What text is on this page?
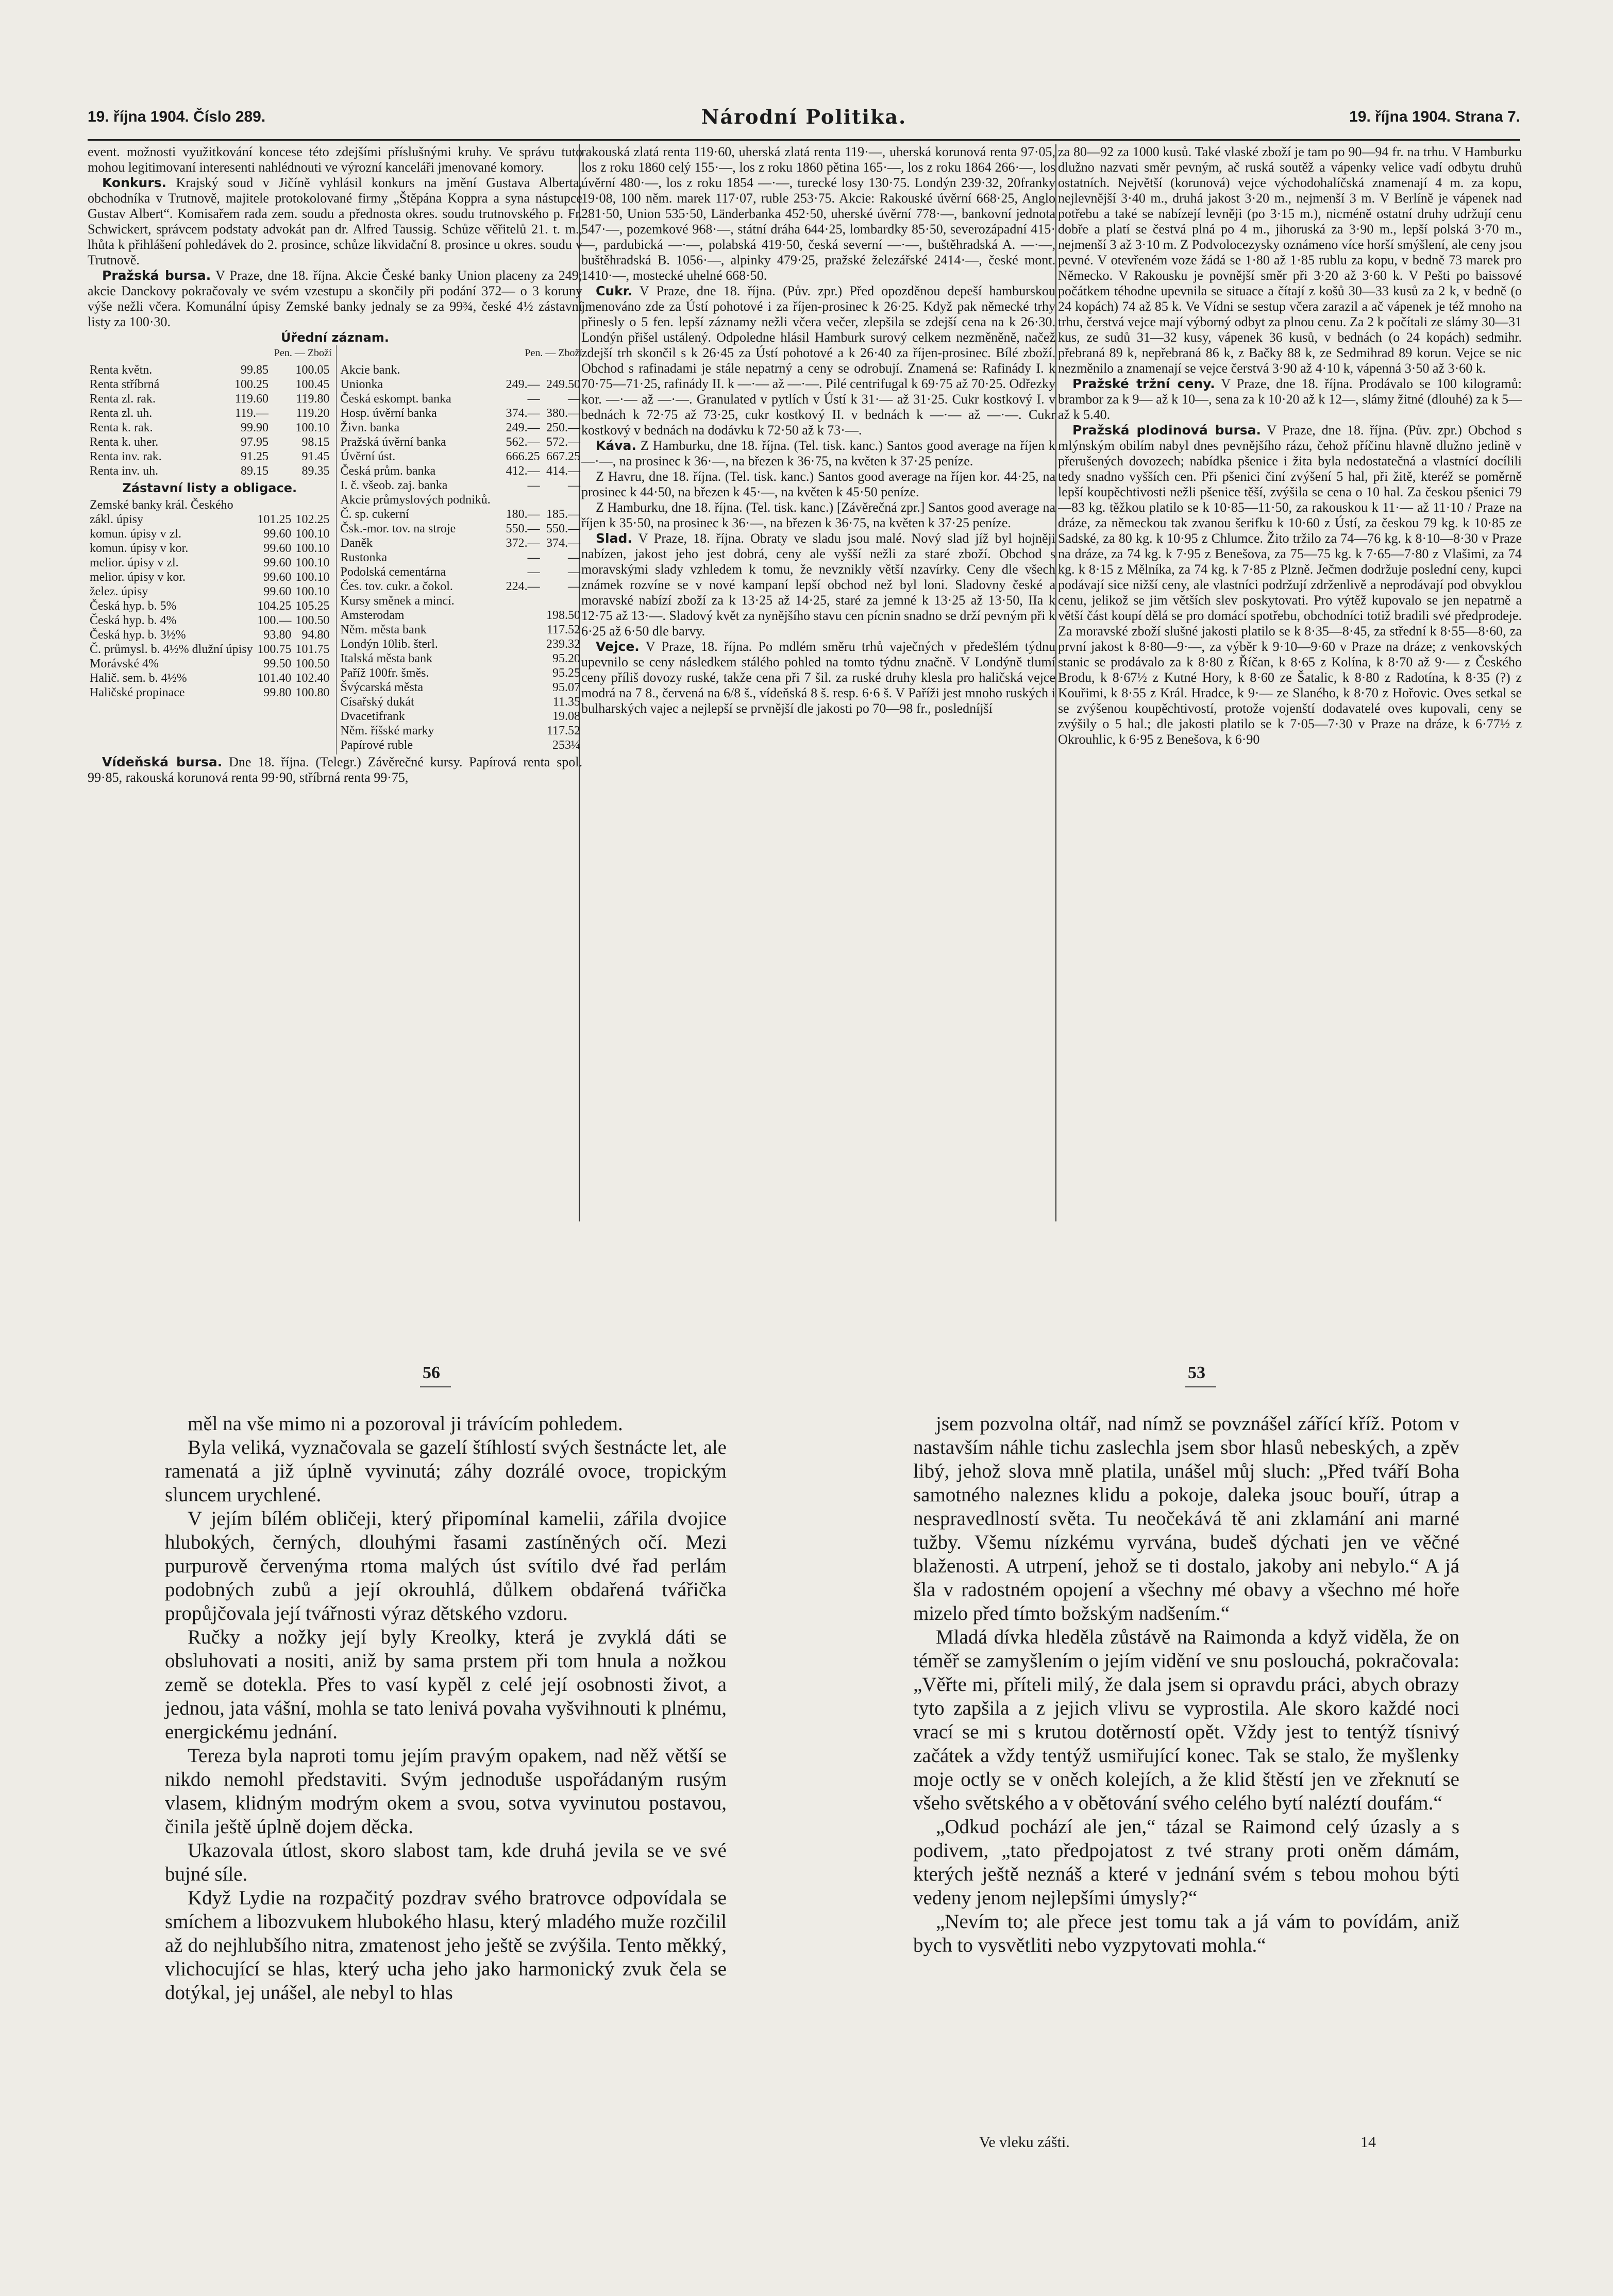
19. října 1904. Číslo 289.	Národní Politika.	19. října 1904. Strana 7.

event. možnosti využitkování koncese této zdejšími příslušnými kruhy. Ve správu tuto mohou legitimovaní interesenti nahlédnouti ve výrozní kanceláři jmenované komory.

Konkurs. Krajský soud v Jičíně vyhlásil konkurs na jmění Gustava Alberta, obchodníka v Trutnově, majitele protokolované firmy „Štěpána Koppra a syna nástupce Gustav Albert“. Komisařem rada zem. soudu a přednosta okres. soudu trutnovského p. Fr. Schwickert, správcem podstaty advokát pan dr. Alfred Taussig. Schůze věřitelů 21. t. m., lhůta k přihlášení pohledávek do 2. prosince, schůze likvidační 8. prosince u okres. soudu v Trutnově.

Pražská bursa. V Praze, dne 18. října. Akcie České banky Union placeny za 249; akcie Danckovy pokračovaly ve svém vzestupu a skončily při podání 372— o 3 koruny výše nežli včera. Komunální úpisy Zemské banky jednaly se za 99¾, české 4½ zástavní listy za 100·30.

Úřední záznam.
Pen. — Zboží
Renta květn.	99.85	100.05
Renta stříbrná	100.25	100.45
Renta zl. rak.	119.60	119.80
Renta zl. uh.	119.—	119.20
Renta k. rak.	99.90	100.10
Renta k. uher.	97.95	98.15
Renta inv. rak.	91.25	91.45
Renta inv. uh.	89.15	89.35
Zástavní listy a obligace.
Zemské banky král. Českého		
zákl. úpisy	101.25	102.25
komun. úpisy v zl.	99.60	100.10
komun. úpisy v kor.	99.60	100.10
melior. úpisy v zl.	99.60	100.10
melior. úpisy v kor.	99.60	100.10
želez. úpisy	99.60	100.10
Česká hyp. b. 5%	104.25	105.25
Česká hyp. b. 4%	100.—	100.50
Česká hyp. b. 3½%	93.80	94.80
Č. průmysl. b. 4½% dlužní úpisy	100.75	101.75
Morávské 4%	99.50	100.50
Halič. sem. b. 4½%	101.40	102.40
Haličské propinace	99.80	100.80
Pen. — Zboží
Akcie bank.		
Unionka	249.—	249.50
Česká eskompt. banka	—	—
Hosp. úvěrní banka	374.—	380.—
Živn. banka	249.—	250.—
Pražská úvěrní banka	562.—	572.—
Úvěrní úst.	666.25	667.25
Česká prům. banka	412.—	414.—
I. č. všeob. zaj. banka	—	—
Akcie průmyslových podniků.		
Č. sp. cukerní	180.—	185.—
Čsk.-mor. tov. na stroje	550.—	550.—
Daněk	372.—	374.—
Rustonka	—	—
Podolská cementárna	—	—
Čes. tov. cukr. a čokol.	224.—	—
Kursy směnek a mincí.		
Amsterodam		198.50
Něm. města bank		117.52
Londýn 10lib. šterl.		239.32
Italská města bank		95.20
Paříž 100fr. šměs.		95.25
Švýcarská města		95.07
Císařský dukát		11.35
Dvacetifrank		19.08
Něm. říšské marky		117.52
Papírové ruble		253¼

Vídeňská bursa. Dne 18. října. (Telegr.) Závěrečné kursy. Papírová renta spol. 99·85, rakouská korunová renta 99·90, stříbrná renta 99·75,

rakouská zlatá renta 119·60, uherská zlatá renta 119·—, uherská korunová renta 97·05, los z roku 1860 celý 155·—, los z roku 1860 pětina 165·—, los z roku 1864 266·—, los úvěrní 480·—, los z roku 1854 —·—, turecké losy 130·75. Londýn 239·32, 20franky 19·08, 100 něm. marek 117·07, ruble 253·75. Akcie: Rakouské úvěrní 668·25, Anglo 281·50, Union 535·50, Länderbanka 452·50, uherské úvěrní 778·—, bankovní jednota 547·—, pozemkové 968·—, státní dráha 644·25, lombardky 85·50, severozápadní 415·—, pardubická —·—, polabská 419·50, česká severní —·—, buštěhradská A. —·—, buštěhradská B. 1056·—, alpinky 479·25, pražské železářské 2414·—, české mont. 1410·—, mostecké uhelné 668·50.

Cukr. V Praze, dne 18. října. (Pův. zpr.) Před opozděnou depeší hamburskou jmenováno zde za Ústí pohotové i za říjen-prosinec k 26·25. Když pak německé trhy přinesly o 5 fen. lepší záznamy nežli včera večer, zlepšila se zdejší cena na k 26·30. Londýn přišel ustálený. Odpoledne hlásil Hamburk surový celkem nezměněně, načež zdejší trh skončil s k 26·45 za Ústí pohotové a k 26·40 za říjen-prosinec. Bílé zboží. Obchod s rafinadami je stále nepatrný a ceny se odrobují. Znamená se: Rafinády I. k 70·75—71·25, rafinády II. k —·— až —·—. Pilé centrifugal k 69·75 až 70·25. Odřezky kor. —·— až —·—. Granulated v pytlích v Ústí k 31·— až 31·25. Cukr kostkový I. v bednách k 72·75 až 73·25, cukr kostkový II. v bednách k —·— až —·—. Cukr kostkový v bednách na dodávku k 72·50 až k 73·—.

Káva. Z Hamburku, dne 18. října. (Tel. tisk. kanc.) Santos good average na říjen k —·—, na prosinec k 36·—, na březen k 36·75, na květen k 37·25 peníze.

Z Havru, dne 18. října. (Tel. tisk. kanc.) Santos good average na říjen kor. 44·25, na prosinec k 44·50, na březen k 45·—, na květen k 45·50 peníze.

Z Hamburku, dne 18. října. (Tel. tisk. kanc.) [Závěrečná zpr.] Santos good average na říjen k 35·50, na prosinec k 36·—, na březen k 36·75, na květen k 37·25 peníze.

Slad. V Praze, 18. října. Obraty ve sladu jsou malé. Nový slad jíž byl hojněji nabízen, jakost jeho jest dobrá, ceny ale vyšší nežli za staré zboží. Obchod s moravskými slady vzhledem k tomu, že nevznikly větší nzavírky. Ceny dle všech známek rozvíne se v nové kampaní lepší obchod než byl loni. Sladovny české a moravské nabízí zboží za k 13·25 až 14·25, staré za jemné k 13·25 až 13·50, IIa k 12·75 až 13·—. Sladový květ za nynějšího stavu cen pícnin snadno se drží pevným při k 6·25 až 6·50 dle barvy.

Vejce. V Praze, 18. října. Po mdlém směru trhů vaječných v předešlém týdnu upevnilo se ceny následkem stálého pohled na tomto týdnu značně. V Londýně tlumí ceny příliš dovozy ruské, takže cena při 7 šil. za ruské druhy klesla pro haličská vejce modrá na 7 8., červená na 6/8 š., vídeňská 8 š. resp. 6·6 š. V Paříži jest mnoho ruských i bulharských vajec a nejlepší se prvnější dle jakosti po 70—98 fr., posledníjší

za 80—92 za 1000 kusů. Také vlaské zboží je tam po 90—94 fr. na trhu. V Hamburku dlužno nazvati směr pevným, ač ruská soutěž a vápenky velice vadí odbytu druhů ostatních. Největší (korunová) vejce východohalíčská znamenají 4 m. za kopu, nejlevnější 3·40 m., druhá jakost 3·20 m., nejmenší 3 m. V Berlíně je vápenek nad potřebu a také se nabízejí levněji (po 3·15 m.), nicméně ostatní druhy udržují cenu dobře a platí se čestvá plná po 4 m., jihoruská za 3·90 m., lepší polská 3·70 m., nejmenší 3 až 3·10 m. Z Podvolocezysky oznámeno více horší smýšlení, ale ceny jsou pevné. V otevřeném voze žádá se 1·80 až 1·85 rublu za kopu, v bedně 73 marek pro Německo. V Rakousku je povnější směr při 3·20 až 3·60 k. V Pešti po baissové počátkem téhodne upevnila se situace a čítají z košů 30—33 kusů za 2 k, v bedně (o 24 kopách) 74 až 85 k. Ve Vídni se sestup včera zarazil a ač vápenek je též mnoho na trhu, čerstvá vejce mají výborný odbyt za plnou cenu. Za 2 k počítali ze slámy 30—31 kus, ze sudů 31—32 kusy, vápenek 36 kusů, v bednách (o 24 kopách) sedmihr. přebraná 89 k, nepřebraná 86 k, z Bačky 88 k, ze Sedmihrad 89 korun. Vejce se nic nezměnilo a znamenají se vejce čerstvá 3·90 až 4·10 k, vápenná 3·50 až 3·60 k.

Pražské tržní ceny. V Praze, dne 18. října. Prodávalo se 100 kilogramů: brambor za k 9— až k 10—, sena za k 10·20 až k 12—, slámy žitné (dlouhé) za k 5— až k 5.40.

Pražská plodinová bursa. V Praze, dne 18. října. (Pův. zpr.) Obchod s mlýnským obilím nabyl dnes pevnějšího rázu, čehož příčinu hlavně dlužno jedině v přerušených dovozech; nabídka pšenice i žita byla nedostatečná a vlastnící docílili tedy snadno vyšších cen. Při pšenici činí zvýšení 5 hal, při žitě, kteréž se poměrně lepší koupěchtivosti nežli pšenice těší, zvýšila se cena o 10 hal. Za českou pšenici 79—83 kg. těžkou platilo se k 10·85—11·50, za rakouskou k 11·— až 11·10 / Praze na dráze, za německou tak zvanou šerifku k 10·60 z Ústí, za českou 79 kg. k 10·85 ze Sadské, za 80 kg. k 10·95 z Chlumce. Žito tržilo za 74—76 kg. k 8·10—8·30 v Praze na dráze, za 74 kg. k 7·95 z Benešova, za 75—75 kg. k 7·65—7·80 z Vlašimi, za 74 kg. k 8·15 z Mělníka, za 74 kg. k 7·85 z Plzně. Ječmen dodržuje poslední ceny, kupci podávají sice nižší ceny, ale vlastníci podržují zdrženlivě a neprodávají pod obvyklou cenu, jelikož se jim větších slev poskytovati. Pro výtěž kupovalo se jen nepatrně a větší část koupí dělá se pro domácí spotřebu, obchodníci totiž bradili své předprodeje. Za moravské zboží slušné jakosti platilo se k 8·35—8·45, za střední k 8·55—8·60, za první jakost k 8·80—9·—, za výběr k 9·10—9·60 v Praze na dráze; z venkovských stanic se prodávalo za k 8·80 z Říčan, k 8·65 z Kolína, k 8·70 až 9·— z Českého Brodu, k 8·67½ z Kutné Hory, k 8·60 ze Šatalic, k 8·80 z Radotína, k 8·35 (?) z Kouřimi, k 8·55 z Král. Hradce, k 9·— ze Slaného, k 8·70 z Hořovic. Oves setkal se se zvýšenou koupěchtivostí, protože vojenští dodavatelé oves kupovali, ceny se zvýšily o 5 hal.; dle jakosti platilo se k 7·05—7·30 v Praze na dráze, k 6·77½ z Okrouhlic, k 6·95 z Benešova, k 6·90

56	53

měl na vše mimo ni a pozoroval ji trávícím pohledem.

Byla veliká, vyznačovala se gazelí štíhlostí svých šestnácte let, ale ramenatá a již úplně vyvinutá; záhy dozrálé ovoce, tropickým sluncem urychlené.

V jejím bílém obličeji, který připomínal kamelii, zářila dvojice hlubokých, černých, dlouhými řasami zastíněných očí. Mezi purpurově červenýma rtoma malých úst svítilo dvé řad perlám podobných zubů a její okrouhlá, důlkem obdařená tvářička propůjčovala její tvářnosti výraz dětského vzdoru.

Ručky a nožky její byly Kreolky, která je zvyklá dáti se obsluhovati a nositi, aniž by sama prstem při tom hnula a nožkou země se dotekla. Přes to vasí kypěl z celé její osobnosti život, a jednou, jata vášní, mohla se tato lenivá povaha vyšvihnouti k plnému, energickému jednání.

Tereza byla naproti tomu jejím pravým opakem, nad něž větší se nikdo nemohl představiti. Svým jednoduše uspořádaným rusým vlasem, klidným modrým okem a svou, sotva vyvinutou postavou, činila ještě úplně dojem děcka.

Ukazovala útlost, skoro slabost tam, kde druhá jevila se ve své bujné síle.

Když Lydie na rozpačitý pozdrav svého bratrovce odpovídala se smíchem a libozvukem hlubokého hlasu, který mladého muže rozčilil až do nejhlubšího nitra, zmatenost jeho ještě se zvýšila. Tento měkký, vlichocující se hlas, který ucha jeho jako harmonický zvuk čela se dotýkal, jej unášel, ale nebyl to hlas

jsem pozvolna oltář, nad nímž se povznášel zářící kříž. Potom v nastavším náhle tichu zaslechla jsem sbor hlasů nebeských, a zpěv libý, jehož slova mně platila, unášel můj sluch: „Před tváří Boha samotného naleznes klidu a pokoje, daleka jsouc bouří, útrap a nespravedlností světa. Tu neočekává tě ani zklamání ani marné tužby. Všemu nízkému vyrvána, budeš dýchati jen ve věčné blaženosti. A utrpení, jehož se ti dostalo, jakoby ani nebylo.“ A já šla v radostném opojení a všechny mé obavy a všechno mé hoře mizelo před tímto božským nadšením.“

Mladá dívka hleděla zůstávě na Raimonda a když viděla, že on téměř se zamyšlením o jejím vidění ve snu poslouchá, pokračovala: „Věřte mi, příteli milý, že dala jsem si opravdu práci, abych obrazy tyto zapšila a z jejich vlivu se vyprostila. Ale skoro každé noci vrací se mi s krutou dotěrností opět. Vždy jest to tentýž tísnivý začátek a vždy tentýž usmiřující konec. Tak se stalo, že myšlenky moje octly se v oněch kolejích, a že klid štěstí jen ve zřeknutí se všeho světského a v obětování svého celého bytí naléztí doufám.“

„Odkud pochází ale jen,“ tázal se Raimond celý úzasly a s podivem, „tato předpojatost z tvé strany proti oněm dámám, kterých ještě neznáš a které v jednání svém s tebou mohou býti vedeny jenom nejlepšími úmysly?“

„Nevím to; ale přece jest tomu tak a já vám to povídám, aniž bych to vysvětliti nebo vyzpytovati mohla.“

Ve vleku zášti.	14
